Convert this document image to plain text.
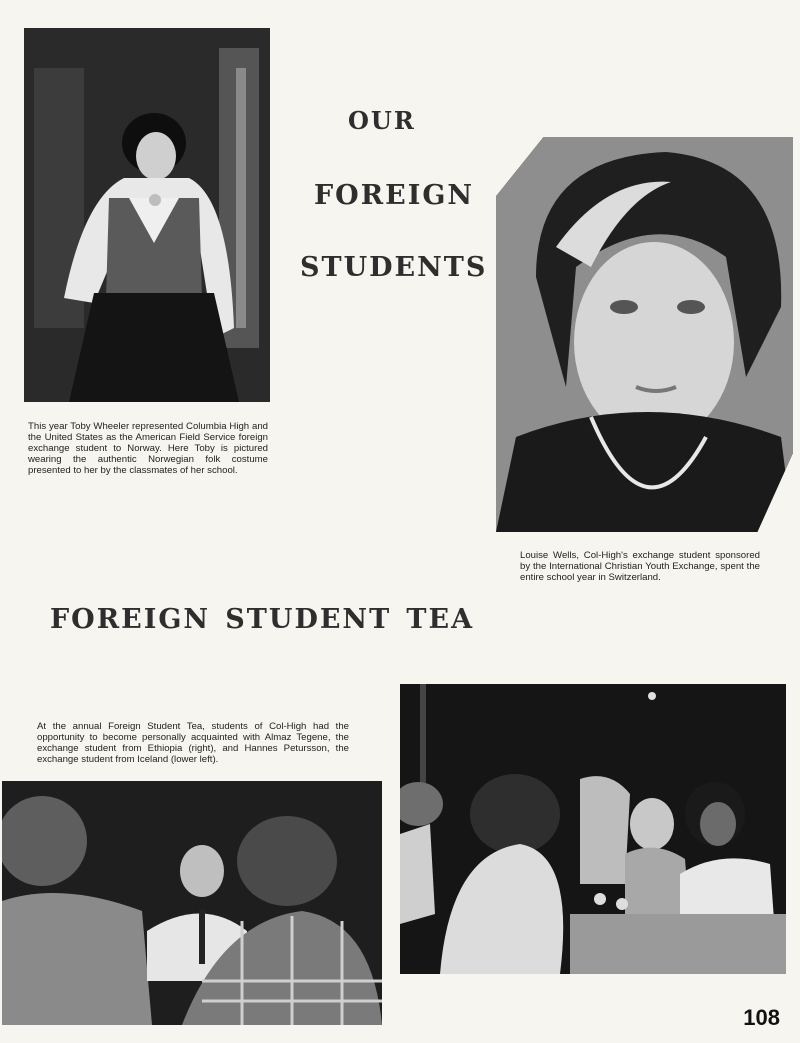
This year Toby Wheeler represented Columbia High and the United States as the American Field Service foreign exchange student to Norway. Here Toby is pictured wearing the authentic Norwegian folk costume presented to her by the classmates of her school.
our
foreign
students
Louise Wells, Col-High's exchange student sponsored by the International Christian Youth Exchange, spent the entire school year in Switzerland.
foreign student tea
At the annual Foreign Student Tea, students of Col-High had the opportunity to become personally acquainted with Almaz Tegene, the exchange student from Ethiopia (right), and Hannes Petursson, the exchange student from Iceland (lower left).
108
